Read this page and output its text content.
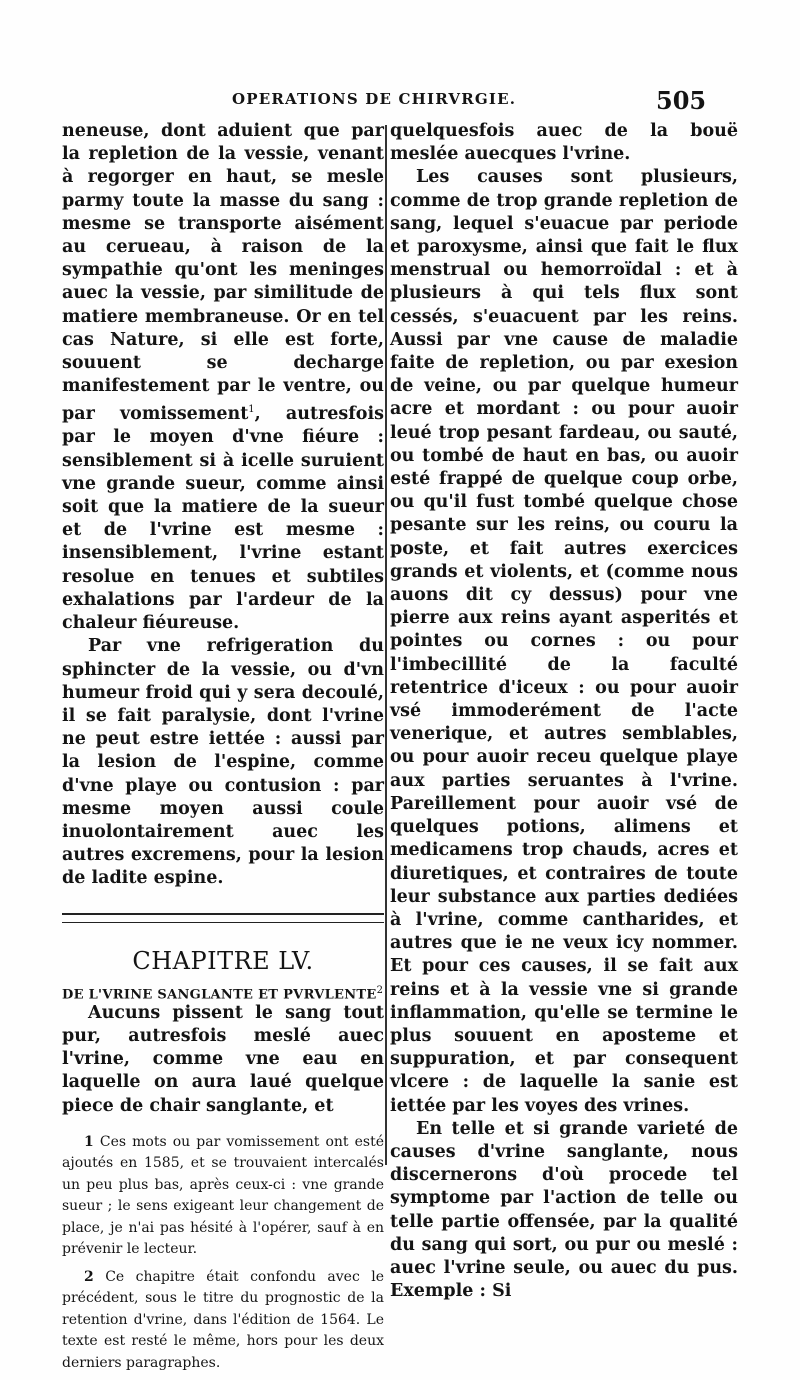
OPERATIONS DE CHIRVRGIE.	505

neneuse, dont aduient que par la repletion de la vessie, venant à regorger en haut, se mesle parmy toute la masse du sang : mesme se transporte aisément au cerueau, à raison de la sympathie qu'ont les meninges auec la vessie, par similitude de matiere membraneuse. Or en tel cas Nature, si elle est forte, souuent se decharge manifestement par le ventre, ou par vomissement$^1$, autresfois par le moyen d'vne fiéure : sensiblement si à icelle suruient vne grande sueur, comme ainsi soit que la matiere de la sueur et de l'vrine est mesme : insensiblement, l'vrine estant resolue en tenues et subtiles exhalations par l'ardeur de la chaleur fiéureuse.

Par vne refrigeration du sphincter de la vessie, ou d'vn humeur froid qui y sera decoulé, il se fait paralysie, dont l'vrine ne peut estre iettée : aussi par la lesion de l'espine, comme d'vne playe ou contusion : par mesme moyen aussi coule inuolontairement auec les autres excremens, pour la lesion de ladite espine.

CHAPITRE LV.
DE L'VRINE SANGLANTE ET PVRVLENTE$^2$

Aucuns pissent le sang tout pur, autresfois meslé auec l'vrine, comme vne eau en laquelle on aura laué quelque piece de chair sanglante, et

1 Ces mots ou par vomissement ont esté ajoutés en 1585, et se trouvaient intercalés un peu plus bas, après ceux-ci : vne grande sueur ; le sens exigeant leur changement de place, je n'ai pas hésité à l'opérer, sauf à en prévenir le lecteur.

2 Ce chapitre était confondu avec le précédent, sous le titre du prognostic de la retention d'vrine, dans l'édition de 1564. Le texte est resté le même, hors pour les deux derniers paragraphes.

quelquesfois auec de la bouë meslée auecques l'vrine.

Les causes sont plusieurs, comme de trop grande repletion de sang, lequel s'euacue par periode et paroxysme, ainsi que fait le flux menstrual ou hemorroïdal : et à plusieurs à qui tels flux sont cessés, s'euacuent par les reins. Aussi par vne cause de maladie faite de repletion, ou par exesion de veine, ou par quelque humeur acre et mordant : ou pour auoir leué trop pesant fardeau, ou sauté, ou tombé de haut en bas, ou auoir esté frappé de quelque coup orbe, ou qu'il fust tombé quelque chose pesante sur les reins, ou couru la poste, et fait autres exercices grands et violents, et (comme nous auons dit cy dessus) pour vne pierre aux reins ayant asperités et pointes ou cornes : ou pour l'imbecillité de la faculté retentrice d'iceux : ou pour auoir vsé immoderément de l'acte venerique, et autres semblables, ou pour auoir receu quelque playe aux parties seruantes à l'vrine. Pareillement pour auoir vsé de quelques potions, alimens et medicamens trop chauds, acres et diuretiques, et contraires de toute leur substance aux parties dediées à l'vrine, comme cantharides, et autres que ie ne veux icy nommer. Et pour ces causes, il se fait aux reins et à la vessie vne si grande inflammation, qu'elle se termine le plus souuent en aposteme et suppuration, et par consequent vlcere : de laquelle la sanie est iettée par les voyes des vrines.

En telle et si grande varieté de causes d'vrine sanglante, nous discernerons d'où procede tel symptome par l'action de telle ou telle partie offensée, par la qualité du sang qui sort, ou pur ou meslé : auec l'vrine seule, ou auec du pus. Exemple : Si
